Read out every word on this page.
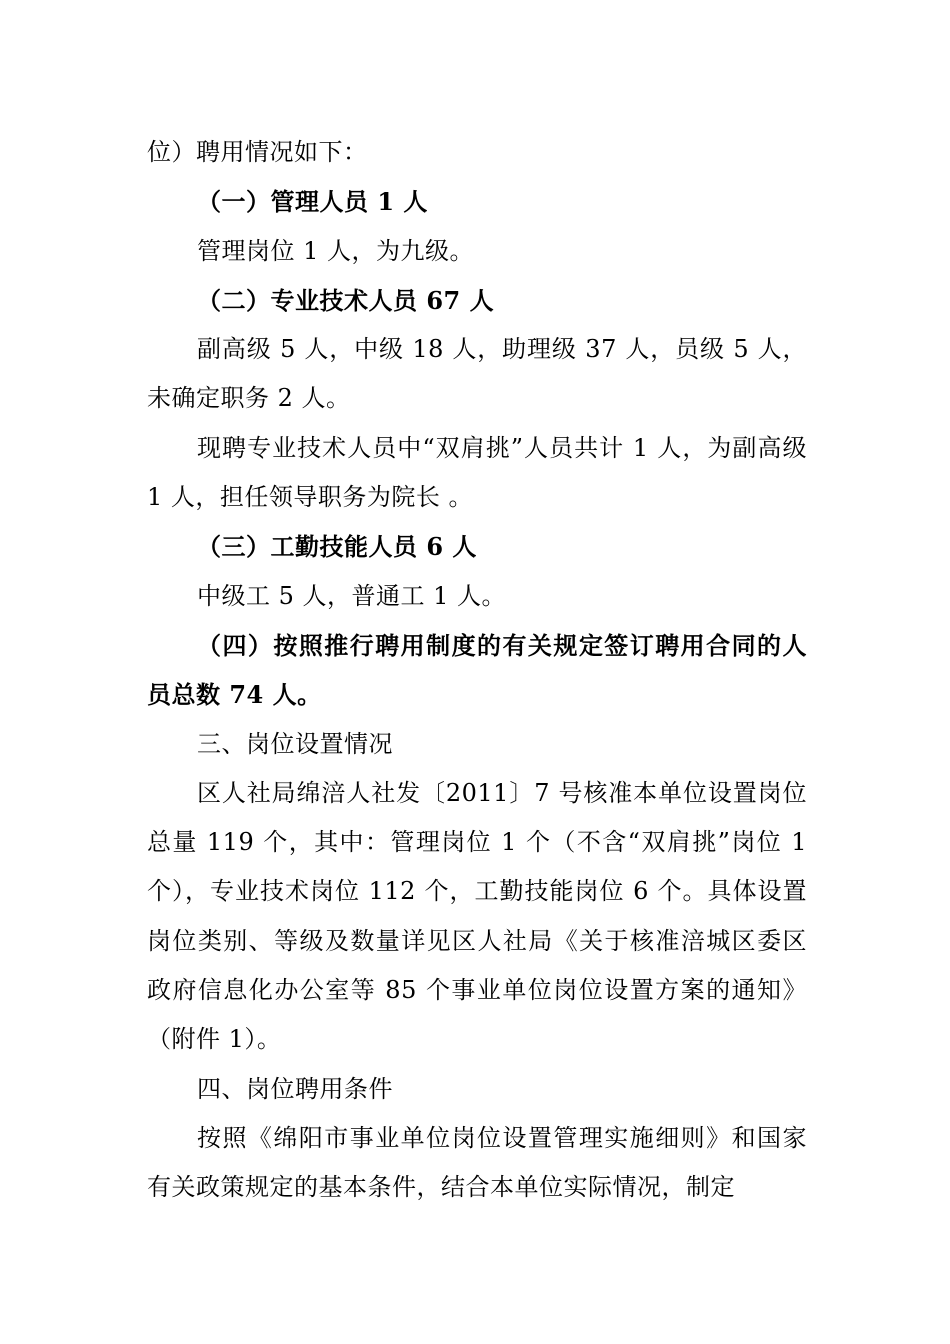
位）聘用情况如下：

（一）管理人员 1 人

管理岗位 1 人，为九级。

（二）专业技术人员 67 人

副高级 5 人，中级 18 人，助理级 37 人，员级 5 人，未确定职务 2 人。

现聘专业技术人员中“双肩挑”人员共计 1 人，为副高级 1 人，担任领导职务为院长 。

（三）工勤技能人员 6 人

中级工 5 人，普通工 1 人。

（四）按照推行聘用制度的有关规定签订聘用合同的人员总数 74 人。

三、岗位设置情况

区人社局绵涪人社发〔2011〕7 号核准本单位设置岗位总量 119 个，其中：管理岗位 1 个（不含“双肩挑”岗位 1 个），专业技术岗位 112 个，工勤技能岗位 6 个。具体设置岗位类别、等级及数量详见区人社局《关于核准涪城区委区政府信息化办公室等 85 个事业单位岗位设置方案的通知》（附件 1）。

四、岗位聘用条件

按照《绵阳市事业单位岗位设置管理实施细则》和国家有关政策规定的基本条件，结合本单位实际情况，制定
